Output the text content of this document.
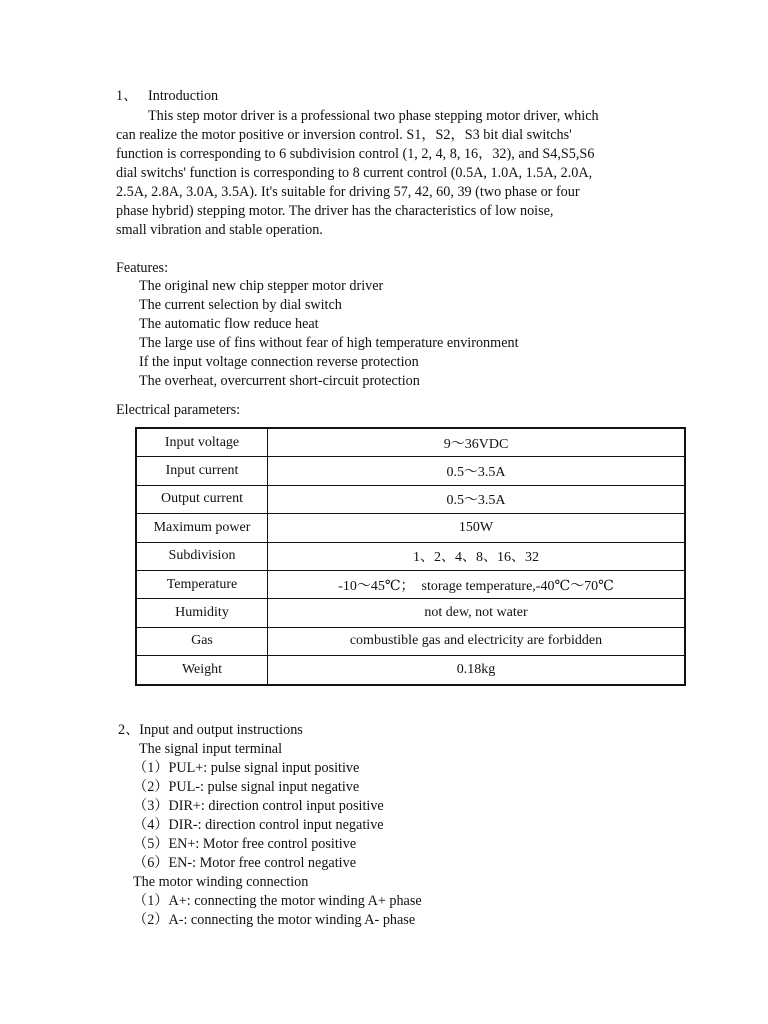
1、 Introduction
This step motor driver is a professional two phase stepping motor driver, which
can realize the motor positive or inversion control. S1，S2，S3 bit dial switchs'
function is corresponding to 6 subdivision control (1, 2, 4, 8, 16，32), and S4,S5,S6
dial switchs' function is corresponding to 8 current control (0.5A, 1.0A, 1.5A, 2.0A,
2.5A, 2.8A, 3.0A, 3.5A). It's suitable for driving 57, 42, 60, 39 (two phase or four
phase hybrid) stepping motor. The driver has the characteristics of low noise,
small vibration and stable operation.
Features:
The original new chip stepper motor driver
The current selection by dial switch
The automatic flow reduce heat
The large use of fins without fear of high temperature environment
If the input voltage connection reverse protection
The overheat, overcurrent short-circuit protection
Electrical parameters:
Input voltage	9～36VDC
Input current	0.5～3.5A
Output current	0.5～3.5A
Maximum power	150W
Subdivision	1、2、4、8、16、32
Temperature	-10～45℃；  storage temperature,-40℃～70℃
Humidity	not dew, not water
Gas	combustible gas and electricity are forbidden
Weight	0.18kg
2、Input and output instructions
The signal input terminal
（1）PUL+: pulse signal input positive
（2）PUL-: pulse signal input negative
（3）DIR+: direction control input positive
（4）DIR-: direction control input negative
（5）EN+: Motor free control positive
（6）EN-: Motor free control negative
The motor winding connection
（1）A+: connecting the motor winding A+ phase
（2）A-: connecting the motor winding A- phase
